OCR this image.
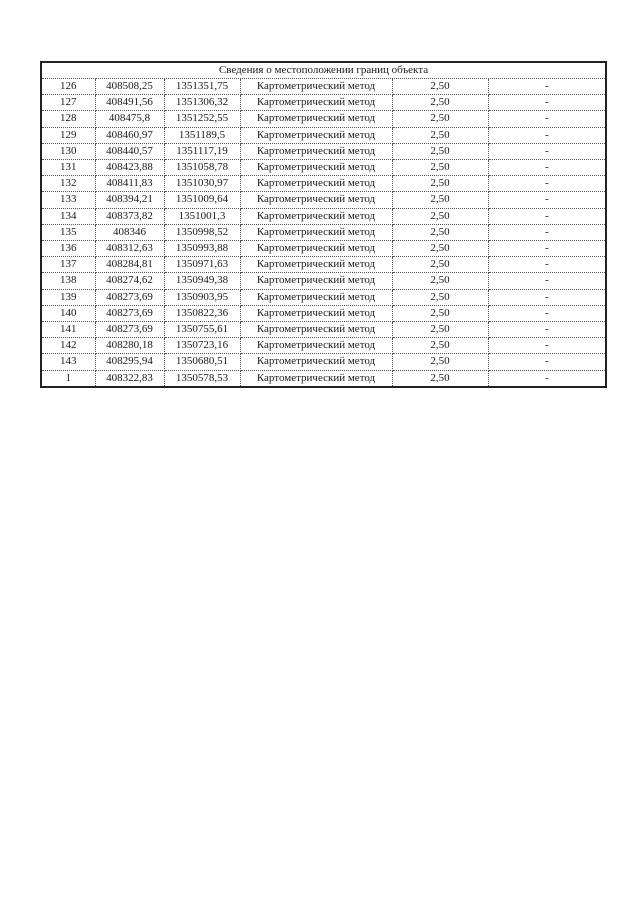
Сведения о местоположении границ объекта					
126	408508,25	1351351,75	Картометрический метод	2,50	-
127	408491,56	1351306,32	Картометрический метод	2,50	-
128	408475,8	1351252,55	Картометрический метод	2,50	-
129	408460,97	1351189,5	Картометрический метод	2,50	-
130	408440,57	1351117,19	Картометрический метод	2,50	-
131	408423,88	1351058,78	Картометрический метод	2,50	-
132	408411,83	1351030,97	Картометрический метод	2,50	-
133	408394,21	1351009,64	Картометрический метод	2,50	-
134	408373,82	1351001,3	Картометрический метод	2,50	-
135	408346	1350998,52	Картометрический метод	2,50	-
136	408312,63	1350993,88	Картометрический метод	2,50	-
137	408284,81	1350971,63	Картометрический метод	2,50	-
138	408274,62	1350949,38	Картометрический метод	2,50	-
139	408273,69	1350903,95	Картометрический метод	2,50	-
140	408273,69	1350822,36	Картометрический метод	2,50	-
141	408273,69	1350755,61	Картометрический метод	2,50	-
142	408280,18	1350723,16	Картометрический метод	2,50	-
143	408295,94	1350680,51	Картометрический метод	2,50	-
1	408322,83	1350578,53	Картометрический метод	2,50	-
